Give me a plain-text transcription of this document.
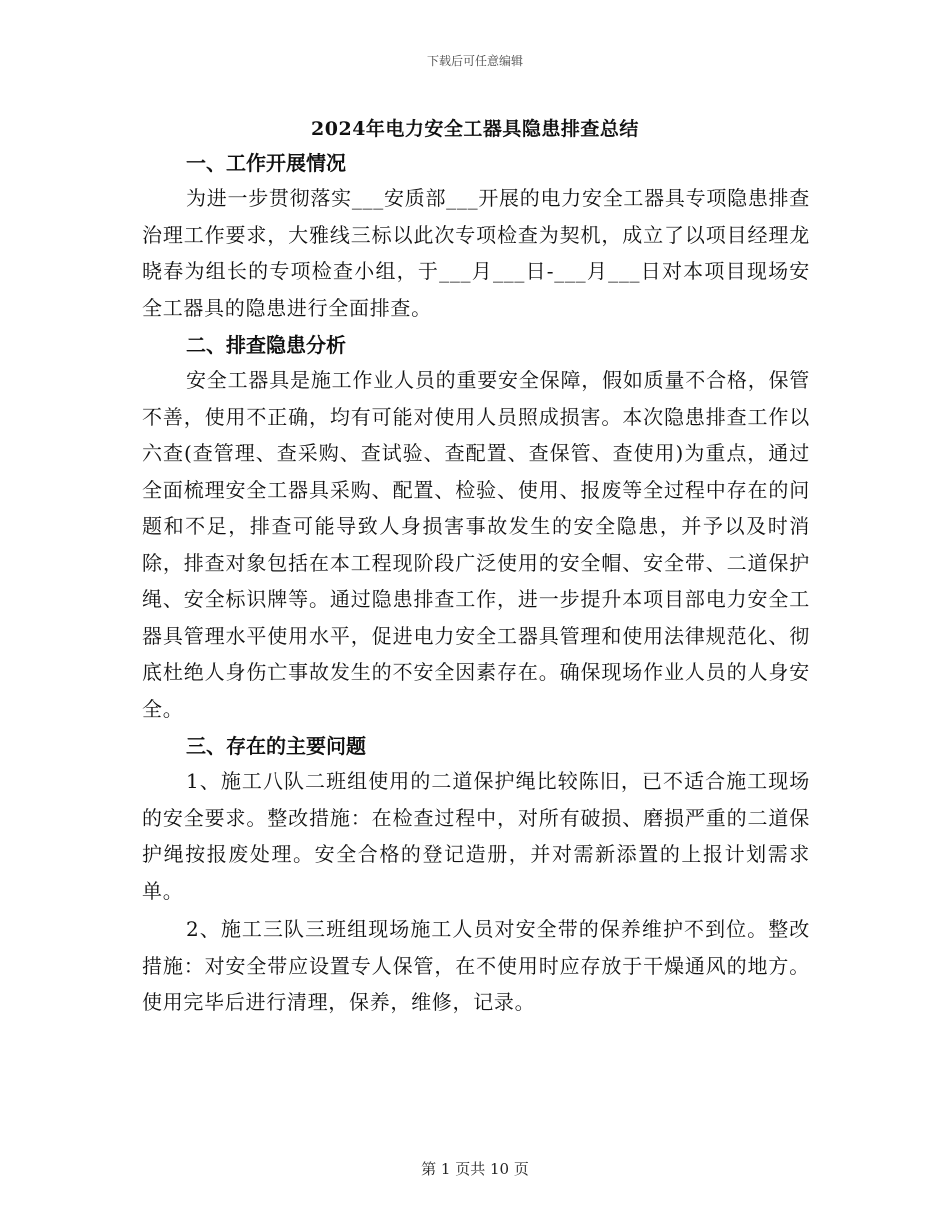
下载后可任意编辑
2024年电力安全工器具隐患排查总结

一、工作开展情况

为进一步贯彻落实___安质部___开展的电力安全工器具专项隐患排查治理工作要求，大雅线三标以此次专项检查为契机，成立了以项目经理龙晓春为组长的专项检查小组，于___月___日-___月___日对本项目现场安全工器具的隐患进行全面排查。

二、排查隐患分析

安全工器具是施工作业人员的重要安全保障，假如质量不合格，保管不善，使用不正确，均有可能对使用人员照成损害。本次隐患排查工作以六查(查管理、查采购、查试验、查配置、查保管、查使用)为重点，通过全面梳理安全工器具采购、配置、检验、使用、报废等全过程中存在的问题和不足，排查可能导致人身损害事故发生的安全隐患，并予以及时消除，排查对象包括在本工程现阶段广泛使用的安全帽、安全带、二道保护绳、安全标识牌等。通过隐患排查工作，进一步提升本项目部电力安全工器具管理水平使用水平，促进电力安全工器具管理和使用法律规范化、彻底杜绝人身伤亡事故发生的不安全因素存在。确保现场作业人员的人身安全。

三、存在的主要问题

1、施工八队二班组使用的二道保护绳比较陈旧，已不适合施工现场的安全要求。整改措施：在检查过程中，对所有破损、磨损严重的二道保护绳按报废处理。安全合格的登记造册，并对需新添置的上报计划需求单。

2、施工三队三班组现场施工人员对安全带的保养维护不到位。整改措施：对安全带应设置专人保管，在不使用时应存放于干燥通风的地方。使用完毕后进行清理，保养，维修，记录。

第 1 页共 10 页
